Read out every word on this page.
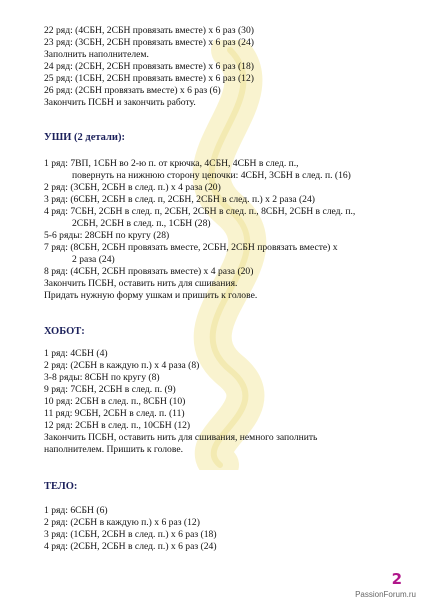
22 ряд: (4СБН, 2СБН провязать вместе) х 6 раз (30)
23 ряд: (3СБН, 2СБН провязать вместе) х 6 раз (24)
Заполнить наполнителем.
24 ряд: (2СБН, 2СБН провязать вместе) х 6 раз (18)
25 ряд: (1СБН, 2СБН провязать вместе) х 6 раз (12)
26 ряд: (2СБН провязать вместе) х 6 раз (6)
Закончить ПСБН и закончить работу.
УШИ (2 детали):
1 ряд: 7ВП, 1СБН во 2-ю п. от крючка, 4СБН, 4СБН в след. п.,
повернуть на нижнюю сторону цепочки: 4СБН, 3СБН в след. п. (16)
2 ряд: (3СБН, 2СБН в след. п.) х 4 раза (20)
3 ряд: (6СБН, 2СБН в след. п, 2СБН, 2СБН в след. п.) х 2 раза (24)
4 ряд: 7СБН, 2СБН в след. п, 2СБН, 2СБН в след. п., 8СБН, 2СБН в след. п.,
2СБН, 2СБН в след. п., 1СБН (28)
5-6 ряды: 28СБН по кругу (28)
7 ряд: (8СБН, 2СБН провязать вместе, 2СБН, 2СБН провязать вместе) х
2 раза (24)
8 ряд: (4СБН, 2СБН провязать вместе) х 4 раза (20)
Закончить ПСБН, оставить нить для сшивания.
Придать нужную форму ушкам и пришить к голове.
ХОБОТ:
1 ряд: 4СБН (4)
2 ряд: (2СБН в каждую п.) х 4 раза (8)
3-8 ряды: 8СБН по кругу (8)
9 ряд: 7СБН, 2СБН в след. п. (9)
10 ряд: 2СБН в след. п., 8СБН (10)
11 ряд: 9СБН, 2СБН в след. п. (11)
12 ряд: 2СБН в след. п., 10СБН (12)
Закончить ПСБН, оставить нить для сшивания, немного заполнить
наполнителем. Пришить к голове.
ТЕЛО:
1 ряд: 6СБН (6)
2 ряд: (2СБН в каждую п.) х 6 раз (12)
3 ряд: (1СБН, 2СБН в след. п.) х 6 раз (18)
4 ряд: (2СБН, 2СБН в след. п.) х 6 раз (24)
2
PassionForum.ru
